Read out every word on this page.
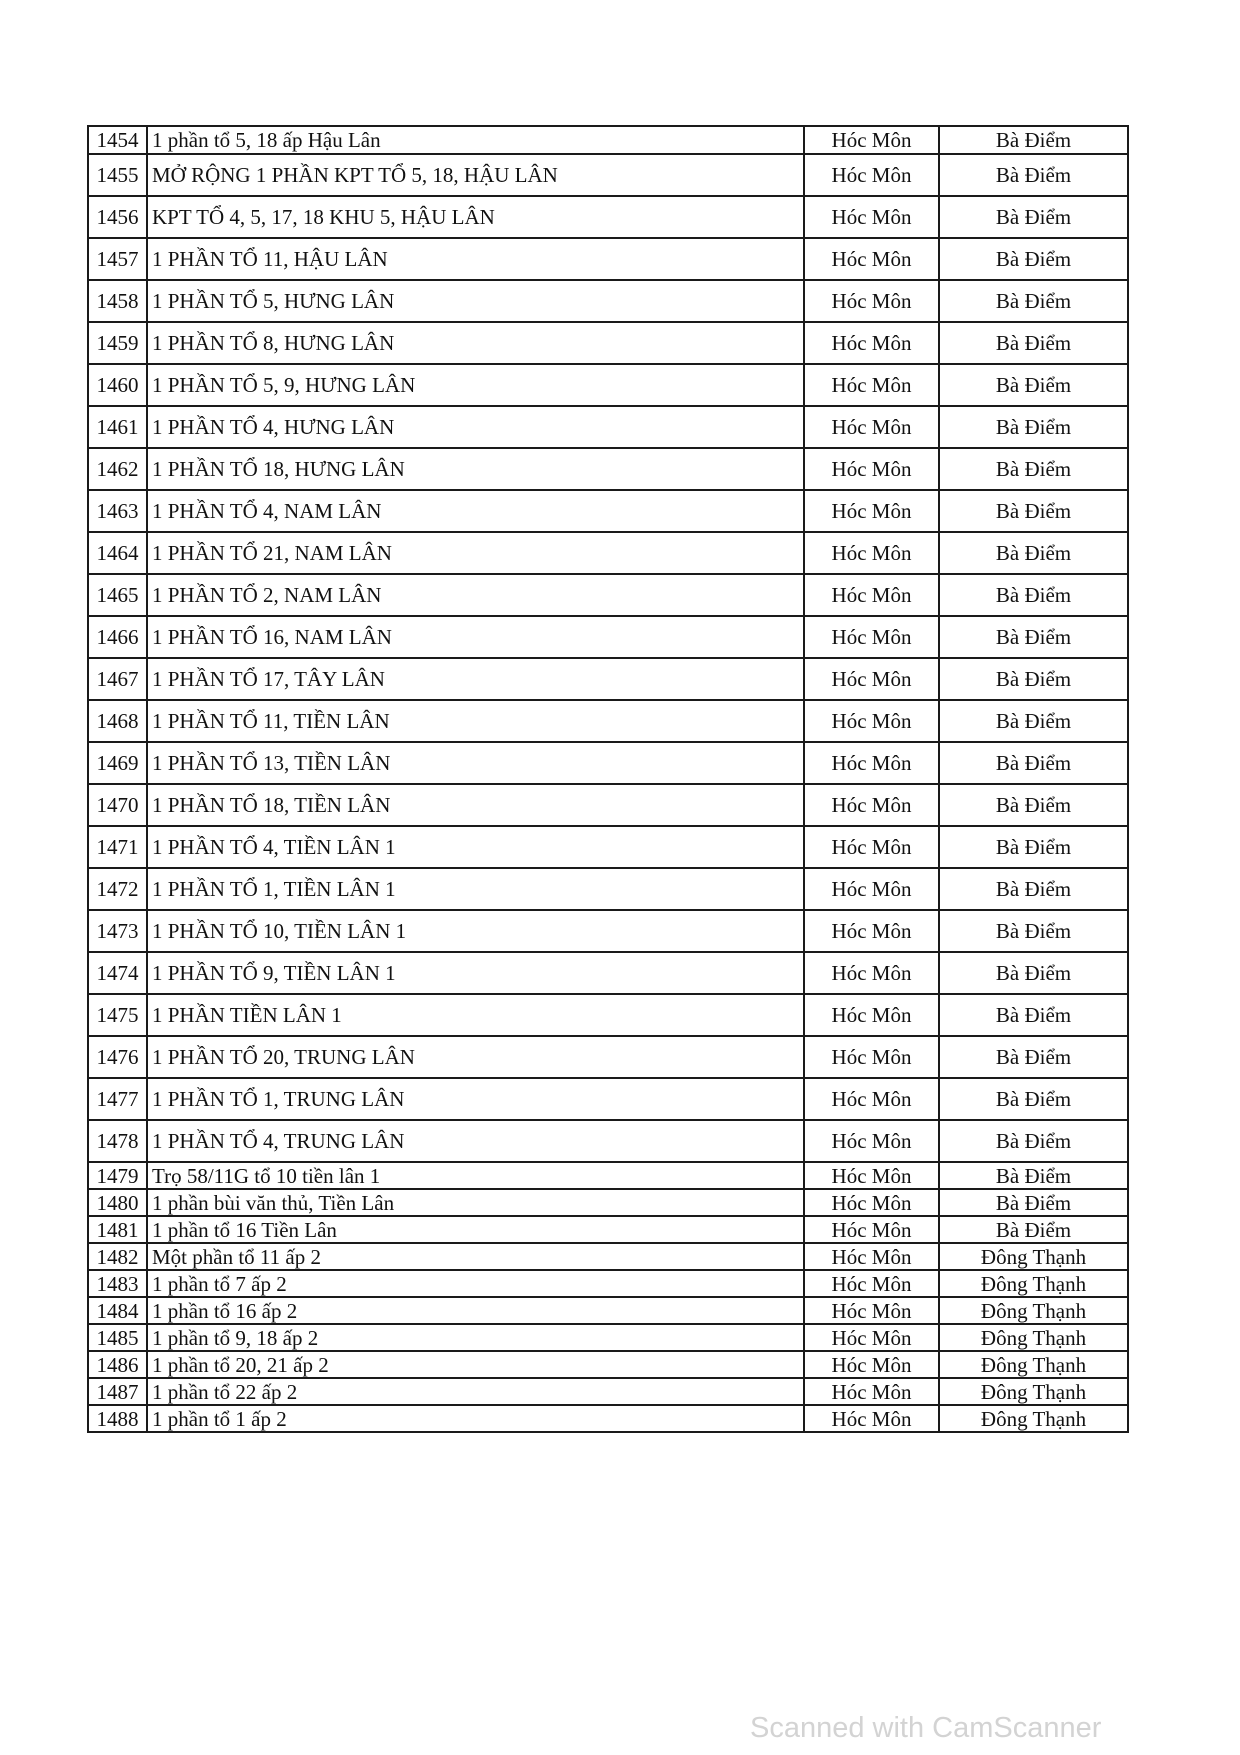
1454	1 phần tổ 5, 18 ấp Hậu Lân	Hóc Môn	Bà Điểm
1455	MỞ RỘNG 1 PHẦN KPT TỔ 5, 18, HẬU LÂN	Hóc Môn	Bà Điểm
1456	KPT TỔ 4, 5, 17, 18 KHU 5, HẬU LÂN	Hóc Môn	Bà Điểm
1457	1 PHẦN TỔ 11, HẬU LÂN	Hóc Môn	Bà Điểm
1458	1 PHẦN TỔ 5, HƯNG LÂN	Hóc Môn	Bà Điểm
1459	1 PHẦN TỔ 8, HƯNG LÂN	Hóc Môn	Bà Điểm
1460	1 PHẦN TỔ 5, 9, HƯNG LÂN	Hóc Môn	Bà Điểm
1461	1 PHẦN TỔ 4, HƯNG LÂN	Hóc Môn	Bà Điểm
1462	1 PHẦN TỔ 18, HƯNG LÂN	Hóc Môn	Bà Điểm
1463	1 PHẦN TỔ 4, NAM LÂN	Hóc Môn	Bà Điểm
1464	1 PHẦN TỔ 21, NAM LÂN	Hóc Môn	Bà Điểm
1465	1 PHẦN TỔ 2, NAM LÂN	Hóc Môn	Bà Điểm
1466	1 PHẦN TỔ 16, NAM LÂN	Hóc Môn	Bà Điểm
1467	1 PHẦN TỔ 17, TÂY LÂN	Hóc Môn	Bà Điểm
1468	1 PHẦN TỔ 11, TIỀN LÂN	Hóc Môn	Bà Điểm
1469	1 PHẦN TỔ 13, TIỀN LÂN	Hóc Môn	Bà Điểm
1470	1 PHẦN TỔ 18, TIỀN LÂN	Hóc Môn	Bà Điểm
1471	1 PHẦN TỔ 4, TIỀN LÂN 1	Hóc Môn	Bà Điểm
1472	1 PHẦN TỔ 1, TIỀN LÂN 1	Hóc Môn	Bà Điểm
1473	1 PHẦN TỔ 10, TIỀN LÂN 1	Hóc Môn	Bà Điểm
1474	1 PHẦN TỔ 9, TIỀN LÂN 1	Hóc Môn	Bà Điểm
1475	1 PHẦN TIỀN LÂN 1	Hóc Môn	Bà Điểm
1476	1 PHẦN TỔ 20, TRUNG LÂN	Hóc Môn	Bà Điểm
1477	1 PHẦN TỔ 1, TRUNG LÂN	Hóc Môn	Bà Điểm
1478	1 PHẦN TỔ 4, TRUNG LÂN	Hóc Môn	Bà Điểm
1479	Trọ 58/11G tổ 10 tiền lân 1	Hóc Môn	Bà Điểm
1480	1 phần bùi văn thủ, Tiền Lân	Hóc Môn	Bà Điểm
1481	1 phần tổ 16 Tiền Lân	Hóc Môn	Bà Điểm
1482	Một phần tổ 11 ấp 2	Hóc Môn	Đông Thạnh
1483	1 phần tổ 7 ấp 2	Hóc Môn	Đông Thạnh
1484	1 phần tổ 16 ấp 2	Hóc Môn	Đông Thạnh
1485	1 phần tổ 9, 18 ấp 2	Hóc Môn	Đông Thạnh
1486	1 phần tổ 20, 21 ấp 2	Hóc Môn	Đông Thạnh
1487	1 phần tổ 22 ấp 2	Hóc Môn	Đông Thạnh
1488	1 phần tổ 1 ấp 2	Hóc Môn	Đông Thạnh
Scanned with CamScanner
